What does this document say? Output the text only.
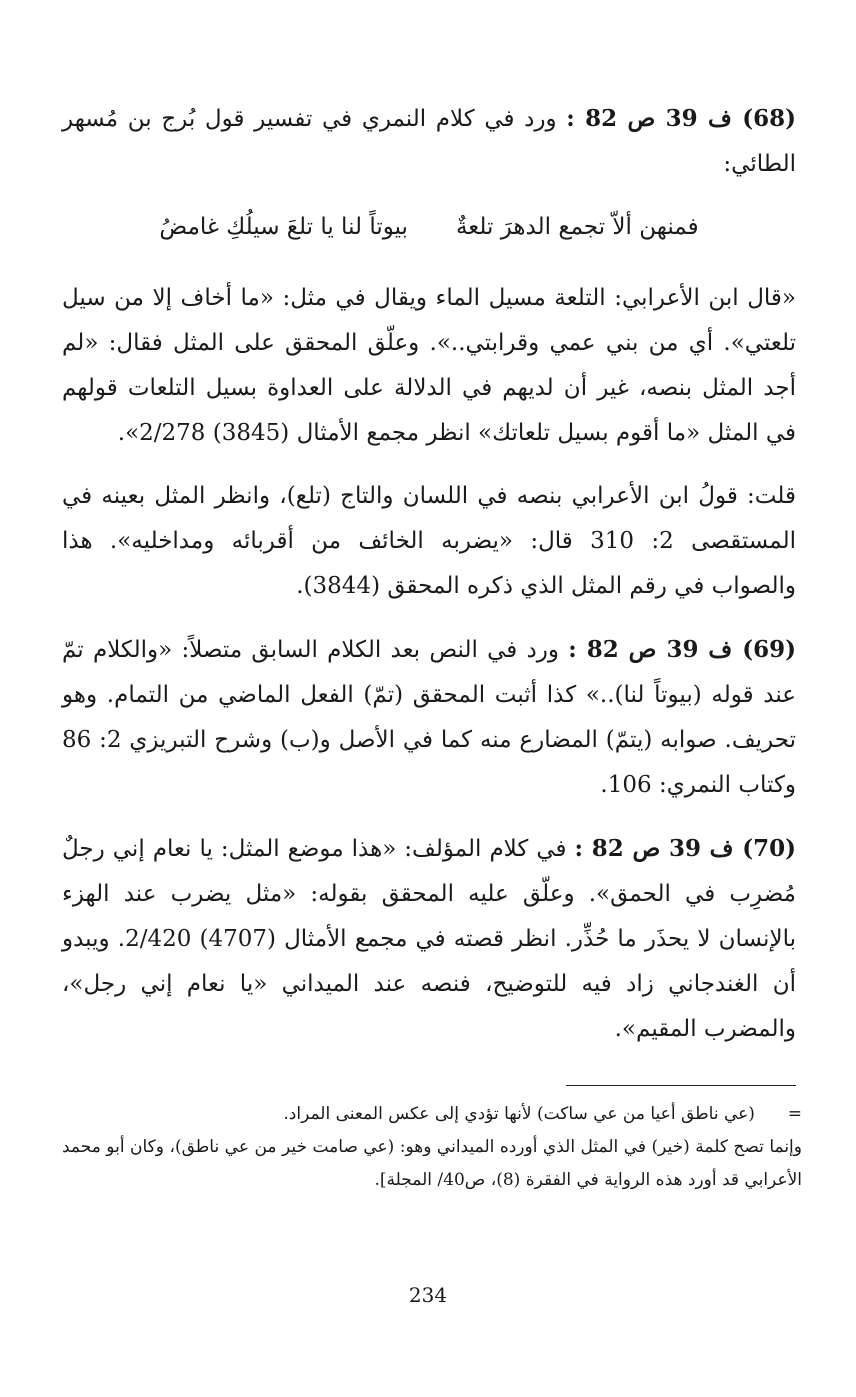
(68) ف 39 ص 82 : ورد في كلام النمري في تفسير قول بُرج بن مُسهر الطائي:

فمنهن ألاّ تجمع الدهرَ تلعةٌ
بيوتاً لنا يا تلعَ سيلُكِ غامضُ

«قال ابن الأعرابي: التلعة مسيل الماء ويقال في مثل: «ما أخاف إلا من سيل تلعتي». أي من بني عمي وقرابتي..». وعلّق المحقق على المثل فقال: «لم أجد المثل بنصه، غير أن لديهم في الدلالة على العداوة بسيل التلعات قولهم في المثل «ما أقوم بسيل تلعاتك» انظر مجمع الأمثال (3845) 2/278».

قلت: قولُ ابن الأعرابي بنصه في اللسان والتاج (تلع)، وانظر المثل بعينه في المستقصى 2: 310 قال: «يضربه الخائف من أقربائه ومداخليه». هذا والصواب في رقم المثل الذي ذكره المحقق (3844).

(69) ف 39 ص 82 : ورد في النص بعد الكلام السابق متصلاً: «والكلام تمّ عند قوله (بيوتاً لنا)..» كذا أثبت المحقق (تمّ) الفعل الماضي من التمام. وهو تحريف. صوابه (يتمّ) المضارع منه كما في الأصل و(ب) وشرح التبريزي 2: 86 وكتاب النمري: 106.

(70) ف 39 ص 82 : في كلام المؤلف: «هذا موضع المثل: يا نعام إني رجلٌ مُضرِب في الحمق». وعلّق عليه المحقق بقوله: «مثل يضرب عند الهزء بالإنسان لا يحذَر ما حُذِّر. انظر قصته في مجمع الأمثال (4707) 2/420. ويبدو أن الغندجاني زاد فيه للتوضيح، فنصه عند الميداني «يا نعام إني رجل»، والمضرب المقيم».

=  (عي ناطق أعيا من عي ساكت) لأنها تؤدي إلى عكس المعنى المراد.

وإنما تصح كلمة (خير) في المثل الذي أورده الميداني وهو: (عي صامت خير من عي ناطق)، وكان أبو محمد الأعرابي قد أورد هذه الرواية في الفقرة (8)، ص40/ المجلة].

234
